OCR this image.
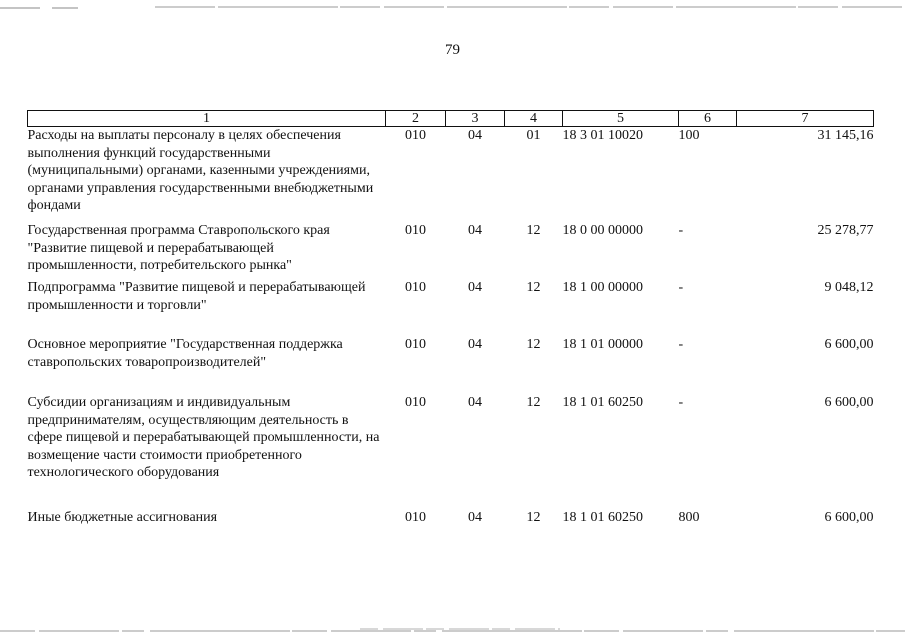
79
1	2	3	4	5	6	7
Расходы на выплаты персоналу в целях обеспечения выполнения функций государственными (муниципальными) органами, казенными учреждениями, органами управления государственными внебюджетными фондами	010	04	01	18 3 01 10020	100	31 145,16
Государственная программа Ставропольского края "Развитие пищевой и перерабатывающей промышленности, потребительского рынка"	010	04	12	18 0 00 00000	-	25 278,77
Подпрограмма "Развитие пищевой и перерабатывающей промышленности и торговли"	010	04	12	18 1 00 00000	-	9 048,12
Основное мероприятие "Государственная поддержка ставропольских товаропроизводителей"	010	04	12	18 1 01 00000	-	6 600,00
Субсидии организациям и индивидуальным предпринимателям, осуществляющим деятельность в сфере пищевой и перерабатывающей промышленности, на возмещение части стоимости приобретенного технологического оборудования	010	04	12	18 1 01 60250	-	6 600,00
Иные бюджетные ассигнования	010	04	12	18 1 01 60250	800	6 600,00
